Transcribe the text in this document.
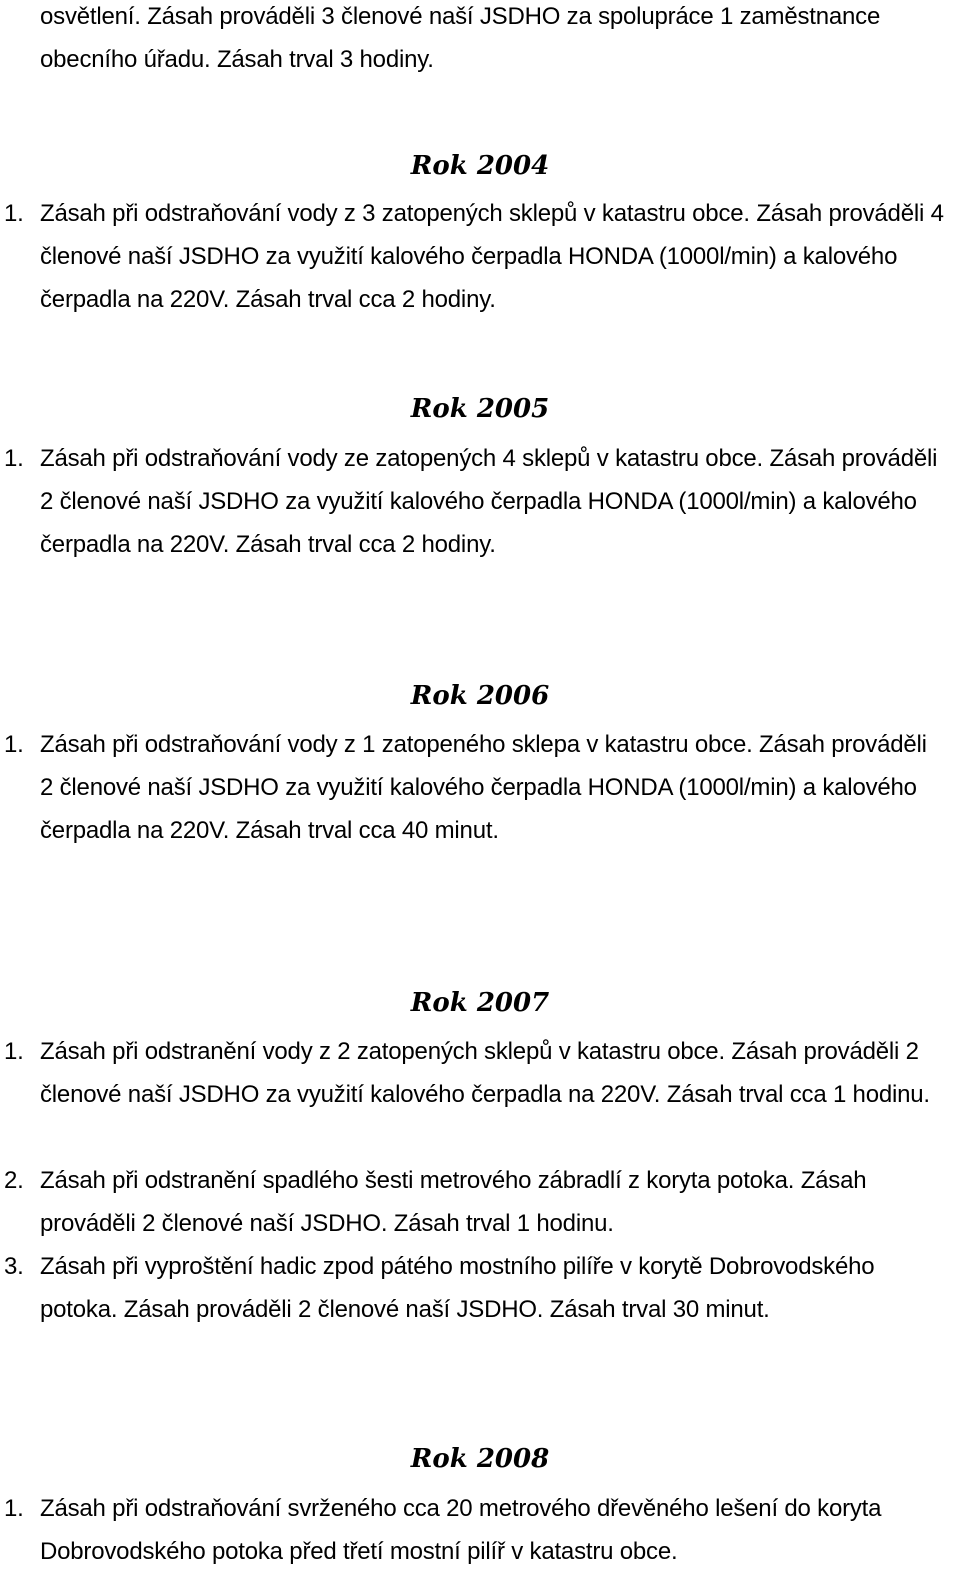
osvětlení. Zásah prováděli 3 členové naší JSDHO za spolupráce 1 zaměstnance obecního úřadu. Zásah trval 3 hodiny.

Rok 2004
1. Zásah při odstraňování vody z 3 zatopených sklepů v katastru obce. Zásah prováděli 4 členové naší JSDHO za využití kalového čerpadla HONDA (1000l/min) a kalového čerpadla na 220V. Zásah trval cca 2 hodiny.
Rok 2005
1. Zásah při odstraňování vody ze zatopených 4 sklepů v katastru obce. Zásah prováděli 2 členové naší JSDHO za využití kalového čerpadla HONDA (1000l/min) a kalového čerpadla na 220V. Zásah trval cca 2 hodiny.
Rok 2006
1. Zásah při odstraňování vody z 1 zatopeného sklepa v katastru obce. Zásah prováděli 2 členové naší JSDHO za využití kalového čerpadla HONDA (1000l/min) a kalového čerpadla na 220V. Zásah trval cca 40 minut.
Rok 2007
1. Zásah při odstranění vody z 2 zatopených sklepů v katastru obce. Zásah prováděli 2 členové naší JSDHO za využití kalového čerpadla na 220V. Zásah trval cca 1 hodinu.
2. Zásah při odstranění spadlého šesti metrového zábradlí z koryta potoka. Zásah prováděli 2 členové naší JSDHO. Zásah trval 1 hodinu.
3. Zásah při vyproštění hadic zpod pátého mostního pilíře v korytě Dobrovodského potoka. Zásah prováděli 2 členové naší JSDHO. Zásah trval 30 minut.
Rok 2008
1. Zásah při odstraňování svrženého cca 20 metrového dřevěného lešení do koryta Dobrovodského potoka před třetí mostní pilíř v katastru obce.
